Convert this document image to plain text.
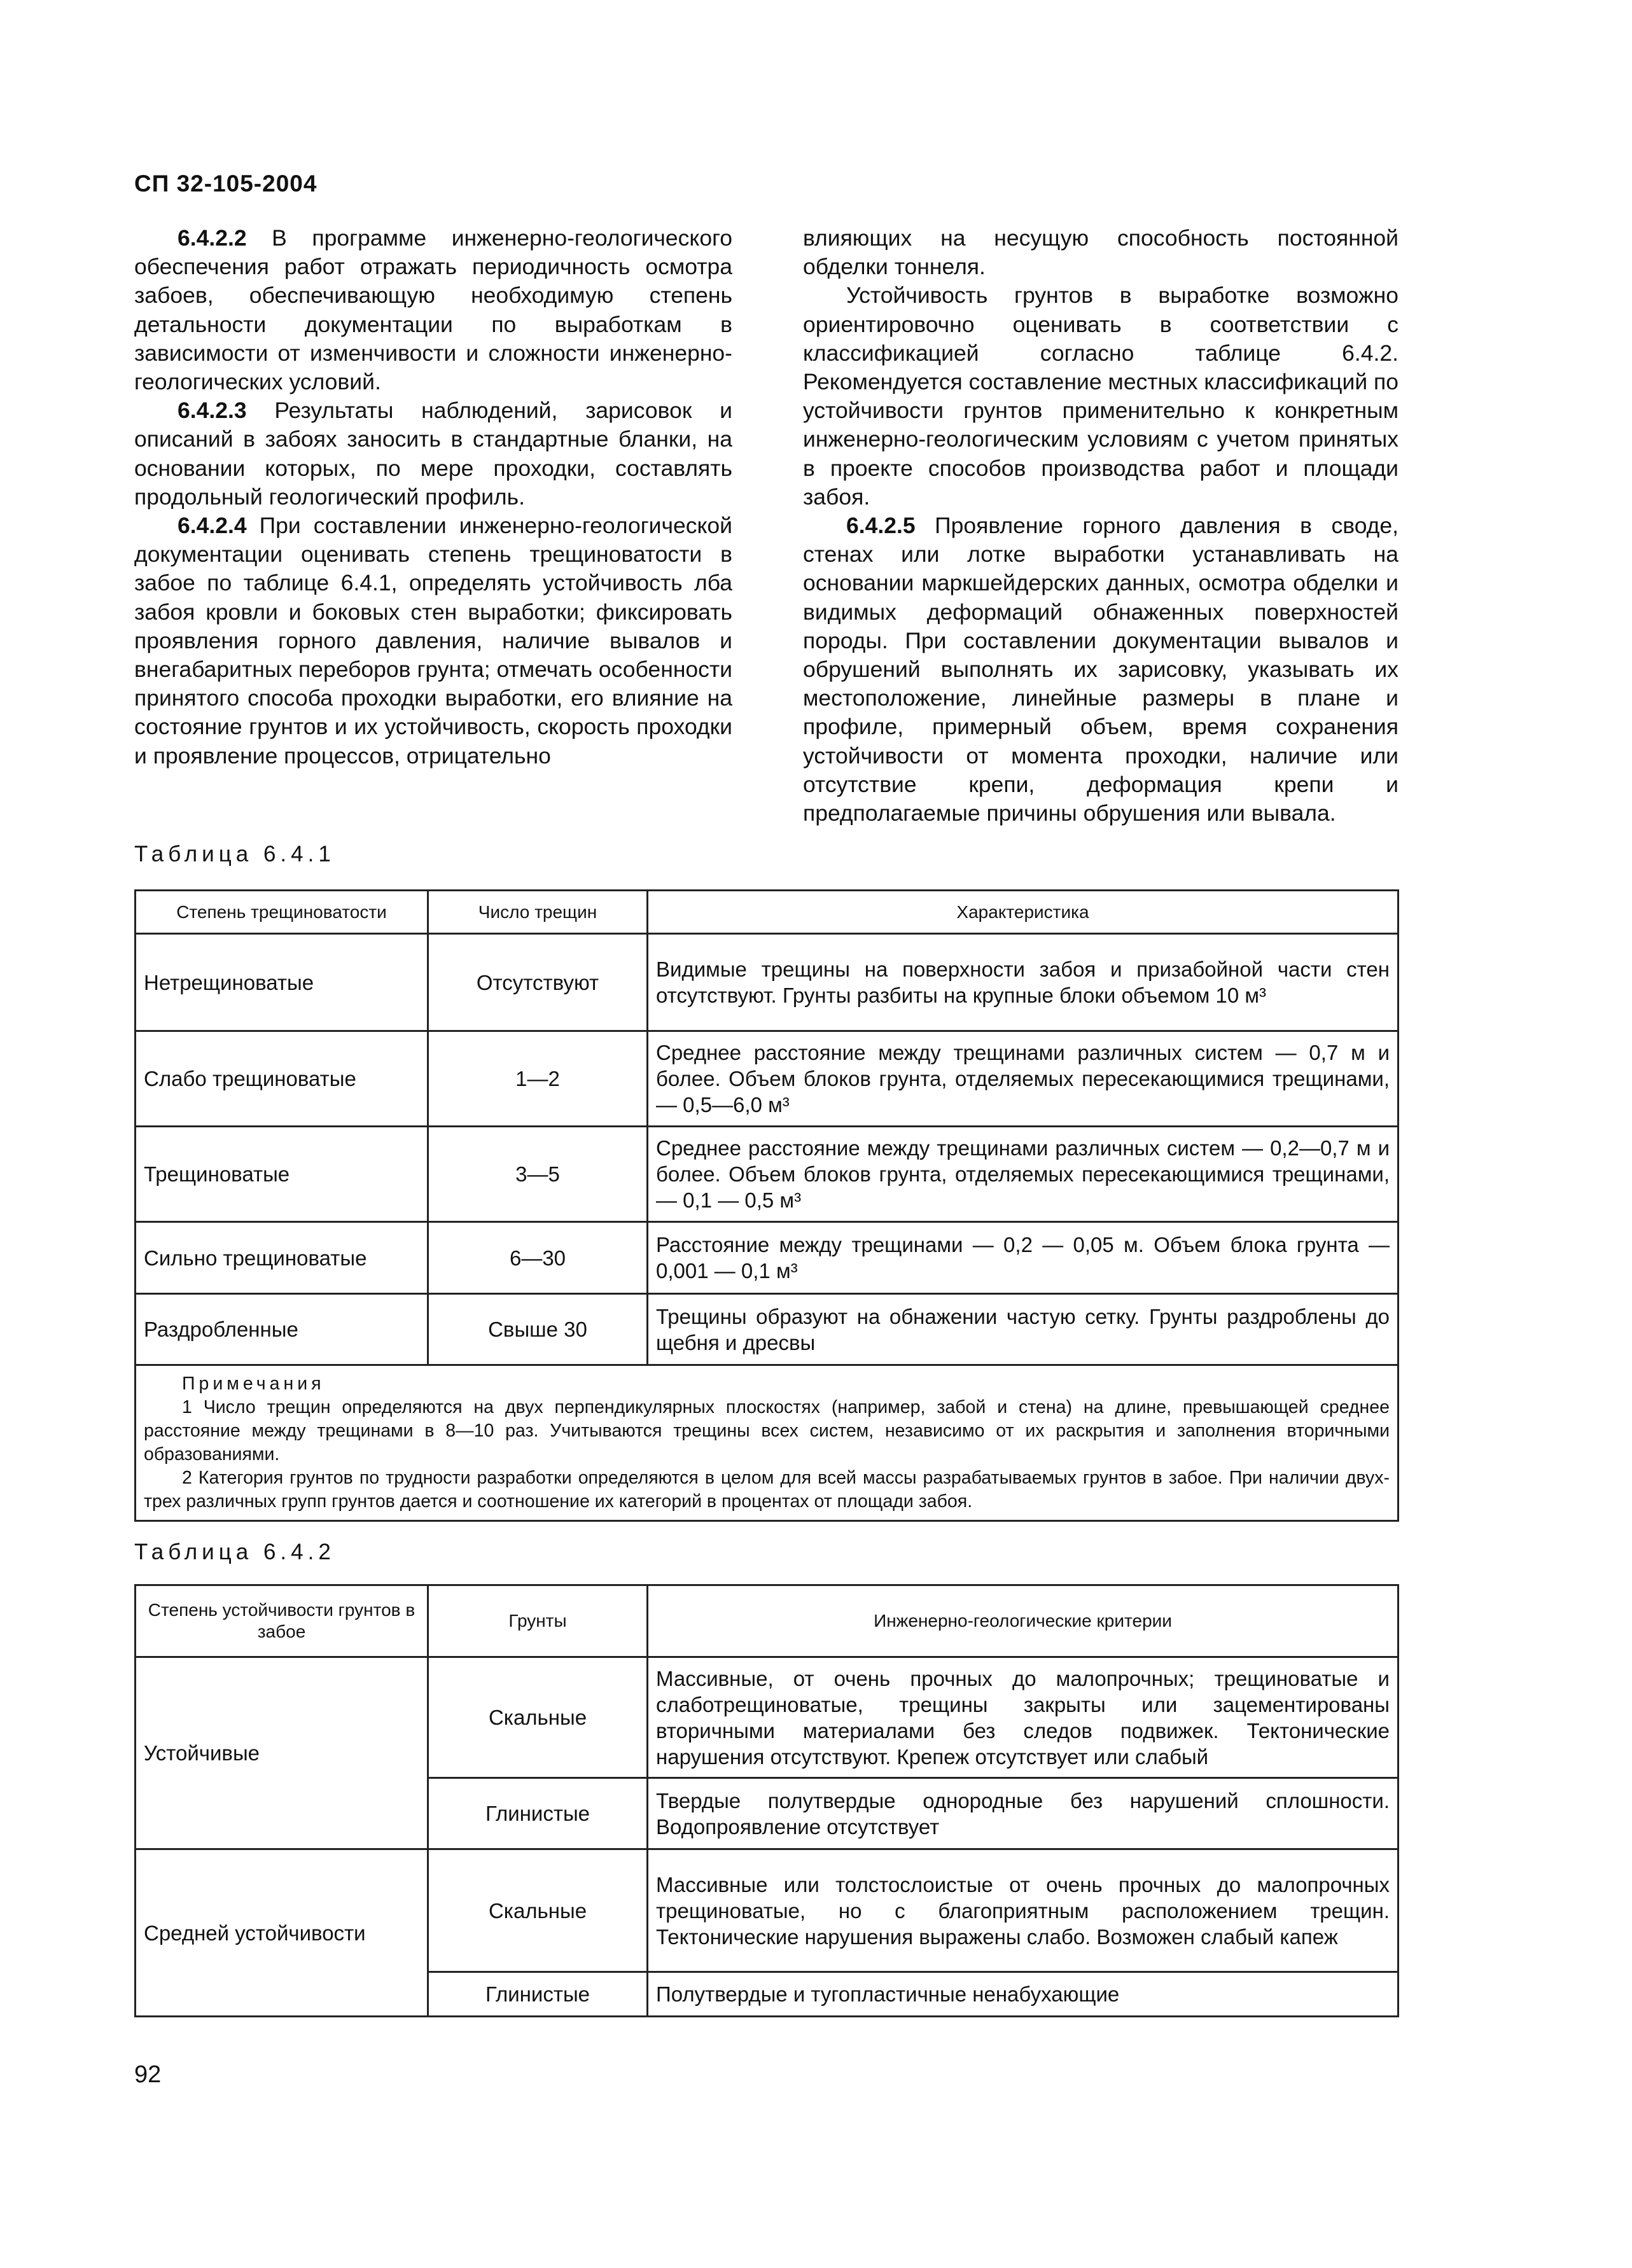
СП 32-105-2004

6.4.2.2 В программе инженерно-геологического обеспечения работ отражать периодичность осмотра забоев, обеспечивающую необходимую степень детальности документации по выработкам в зависимости от изменчивости и сложности инженерно-геологических условий.

6.4.2.3 Результаты наблюдений, зарисовок и описаний в забоях заносить в стандартные бланки, на основании которых, по мере проходки, составлять продольный геологический профиль.

6.4.2.4 При составлении инженерно-геологической документации оценивать степень трещиноватости в забое по таблице 6.4.1, определять устойчивость лба забоя кровли и боковых стен выработки; фиксировать проявления горного давления, наличие вывалов и внегабаритных переборов грунта; отмечать особенности принятого способа проходки выработки, его влияние на состояние грунтов и их устойчивость, скорость проходки и проявление процессов, отрицательно

влияющих на несущую способность постоянной обделки тоннеля.

Устойчивость грунтов в выработке возможно ориентировочно оценивать в соответствии с классификацией согласно таблице 6.4.2. Рекомендуется составление местных классификаций по устойчивости грунтов применительно к конкретным инженерно-геологическим условиям с учетом принятых в проекте способов производства работ и площади забоя.

6.4.2.5 Проявление горного давления в своде, стенах или лотке выработки устанавливать на основании маркшейдерских данных, осмотра обделки и видимых деформаций обнаженных поверхностей породы. При составлении документации вывалов и обрушений выполнять их зарисовку, указывать их местоположение, линейные размеры в плане и профиле, примерный объем, время сохранения устойчивости от момента проходки, наличие или отсутствие крепи, деформация крепи и предполагаемые причины обрушения или вывала.

Таблица 6.4.1
Степень трещиноватости	Число трещин	Характеристика
Нетрещиноватые	Отсутствуют	Видимые трещины на поверхности забоя и призабойной части стен отсутствуют. Грунты разбиты на крупные блоки объемом 10 м³
Слабо трещиноватые	1—2	Среднее расстояние между трещинами различных систем — 0,7 м и более. Объем блоков грунта, отделяемых пересекающимися трещинами, — 0,5—6,0 м³
Трещиноватые	3—5	Среднее расстояние между трещинами различных систем — 0,2—0,7 м и более. Объем блоков грунта, отделяемых пересекающимися трещинами, — 0,1 — 0,5 м³
Сильно трещиноватые	6—30	Расстояние между трещинами — 0,2 — 0,05 м. Объем блока грунта — 0,001 — 0,1 м³
Раздробленные	Свыше 30	Трещины образуют на обнажении частую сетку. Грунты раздроблены до щебня и дресвы

Примечания

1 Число трещин определяются на двух перпендикулярных плоскостях (например, забой и стена) на длине, превышающей среднее расстояние между трещинами в 8—10 раз. Учитываются трещины всех систем, независимо от их раскрытия и заполнения вторичными образованиями.

2 Категория грунтов по трудности разработки определяются в целом для всей массы разрабатываемых грунтов в забое. При наличии двух-трех различных групп грунтов дается и соотношение их категорий в процентах от площади забоя.		

Таблица 6.4.2
Степень устойчивости грунтов в забое	Грунты	Инженерно-геологические критерии
Устойчивые	Скальные	Массивные, от очень прочных до малопрочных; трещиноватые и слаботрещиноватые, трещины закрыты или зацементированы вторичными материалами без следов подвижек. Тектонические нарушения отсутствуют. Крепеж отсутствует или слабый
	Глинистые	Твердые полутвердые однородные без нарушений сплошности. Водопроявление отсутствует
Средней устойчивости	Скальные	Массивные или толстослоистые от очень прочных до малопрочных трещиноватые, но с благоприятным расположением трещин. Тектонические нарушения выражены слабо. Возможен слабый капеж
	Глинистые	Полутвердые и тугопластичные ненабухающие
92
